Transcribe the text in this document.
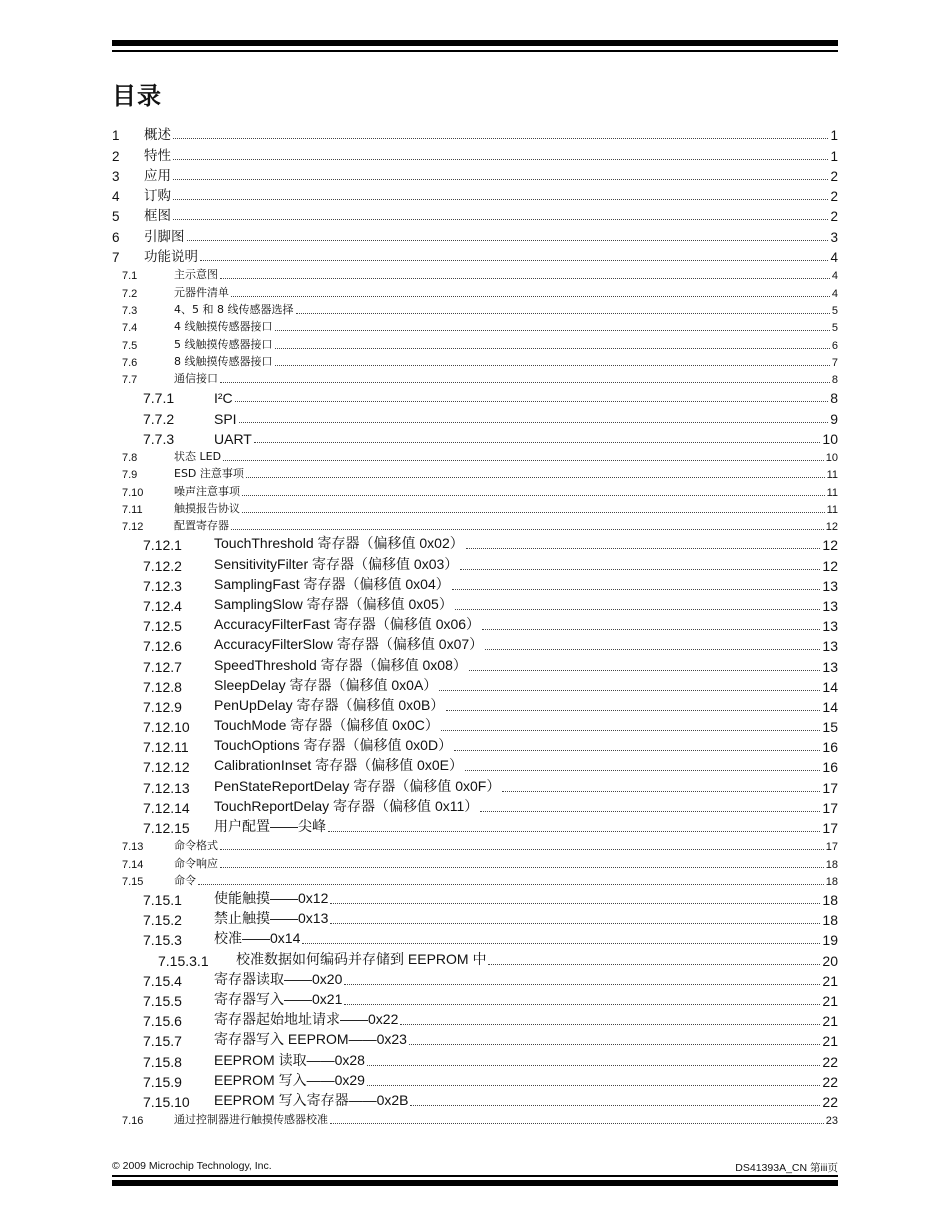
目录
1	概述	1
2	特性	1
3	应用	2
4	订购	2
5	框图	2
6	引脚图	3
7	功能说明	4
7.1	主示意图	4
7.2	元器件清单	4
7.3	4、5 和 8 线传感器选择	5
7.4	4 线触摸传感器接口	5
7.5	5 线触摸传感器接口	6
7.6	8 线触摸传感器接口	7
7.7	通信接口	8
7.7.1	I²C	8
7.7.2	SPI	9
7.7.3	UART	10
7.8	状态 LED	10
7.9	ESD 注意事项	11
7.10	噪声注意事项	11
7.11	触摸报告协议	11
7.12	配置寄存器	12
7.12.1	TouchThreshold 寄存器（偏移值 0x02）	12
7.12.2	SensitivityFilter 寄存器（偏移值 0x03）	12
7.12.3	SamplingFast 寄存器（偏移值 0x04）	13
7.12.4	SamplingSlow 寄存器（偏移值 0x05）	13
7.12.5	AccuracyFilterFast 寄存器（偏移值 0x06）	13
7.12.6	AccuracyFilterSlow 寄存器（偏移值 0x07）	13
7.12.7	SpeedThreshold 寄存器（偏移值 0x08）	13
7.12.8	SleepDelay 寄存器（偏移值 0x0A）	14
7.12.9	PenUpDelay 寄存器（偏移值 0x0B）	14
7.12.10	TouchMode 寄存器（偏移值 0x0C）	15
7.12.11	TouchOptions 寄存器（偏移值 0x0D）	16
7.12.12	CalibrationInset 寄存器（偏移值 0x0E）	16
7.12.13	PenStateReportDelay 寄存器（偏移值 0x0F）	17
7.12.14	TouchReportDelay 寄存器（偏移值 0x11）	17
7.12.15	用户配置——尖峰	17
7.13	命令格式	17
7.14	命令响应	18
7.15	命令	18
7.15.1	使能触摸——0x12	18
7.15.2	禁止触摸——0x13	18
7.15.3	校准——0x14	19
7.15.3.1	校准数据如何编码并存储到 EEPROM 中	20
7.15.4	寄存器读取——0x20	21
7.15.5	寄存器写入——0x21	21
7.15.6	寄存器起始地址请求——0x22	21
7.15.7	寄存器写入 EEPROM——0x23	21
7.15.8	EEPROM 读取——0x28	22
7.15.9	EEPROM 写入——0x29	22
7.15.10	EEPROM 写入寄存器——0x2B	22
7.16	通过控制器进行触摸传感器校准	23
© 2009 Microchip Technology, Inc.	DS41393A_CN 第iii页
